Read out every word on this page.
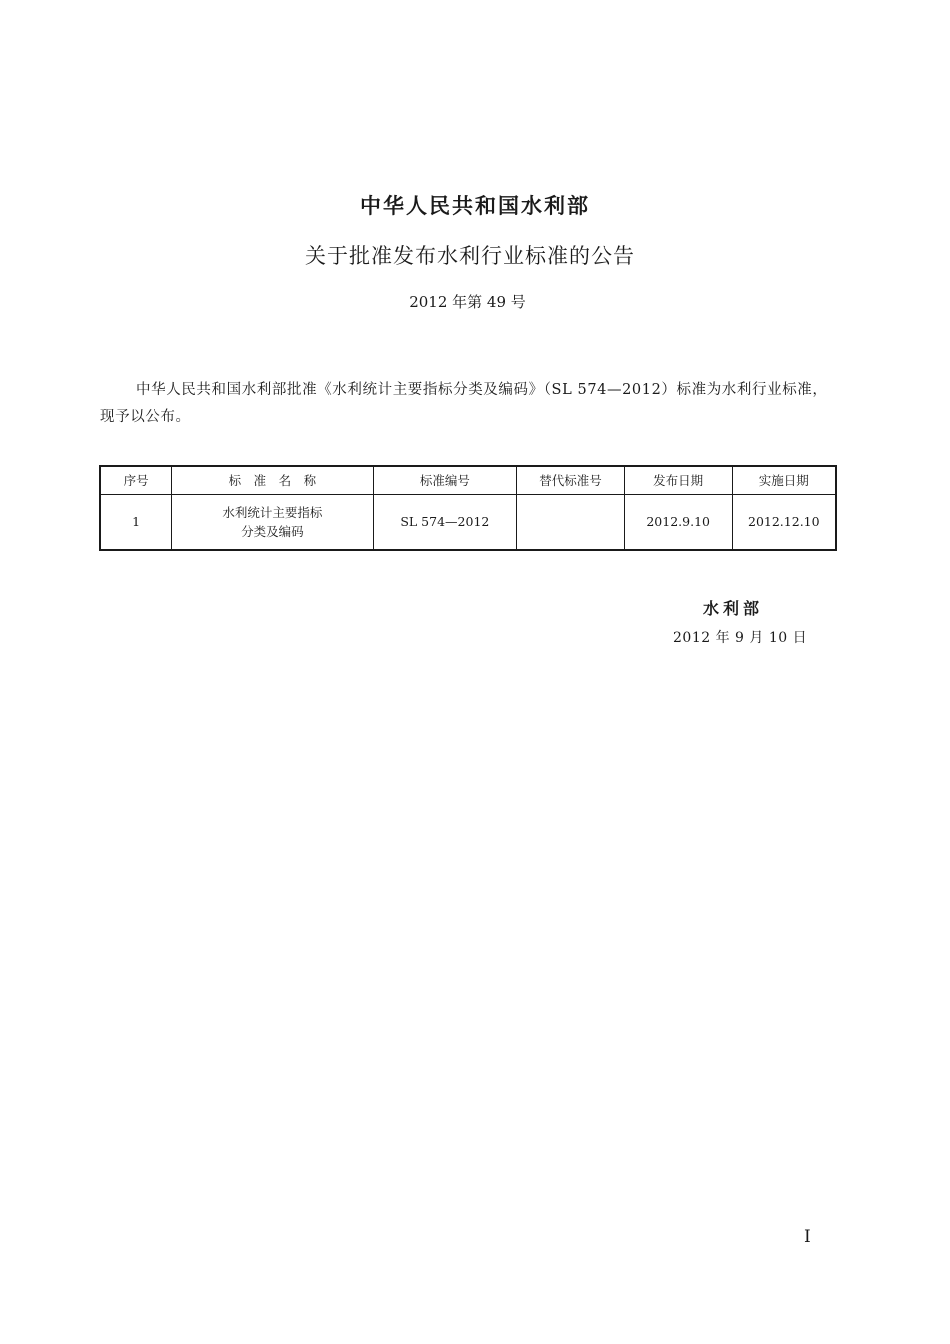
中华人民共和国水利部
关于批准发布水利行业标准的公告
2012 年第 49 号

中华人民共和国水利部批准《水利统计主要指标分类及编码》（SL 574—2012）标准为水利行业标准，现予以公布。

序号	标　准　名　称	标准编号	替代标准号	发布日期	实施日期
1	水利统计主要指标
分类及编码	SL 574—2012		2012.9.10	2012.12.10
水利部
2012 年 9 月 10 日
I
